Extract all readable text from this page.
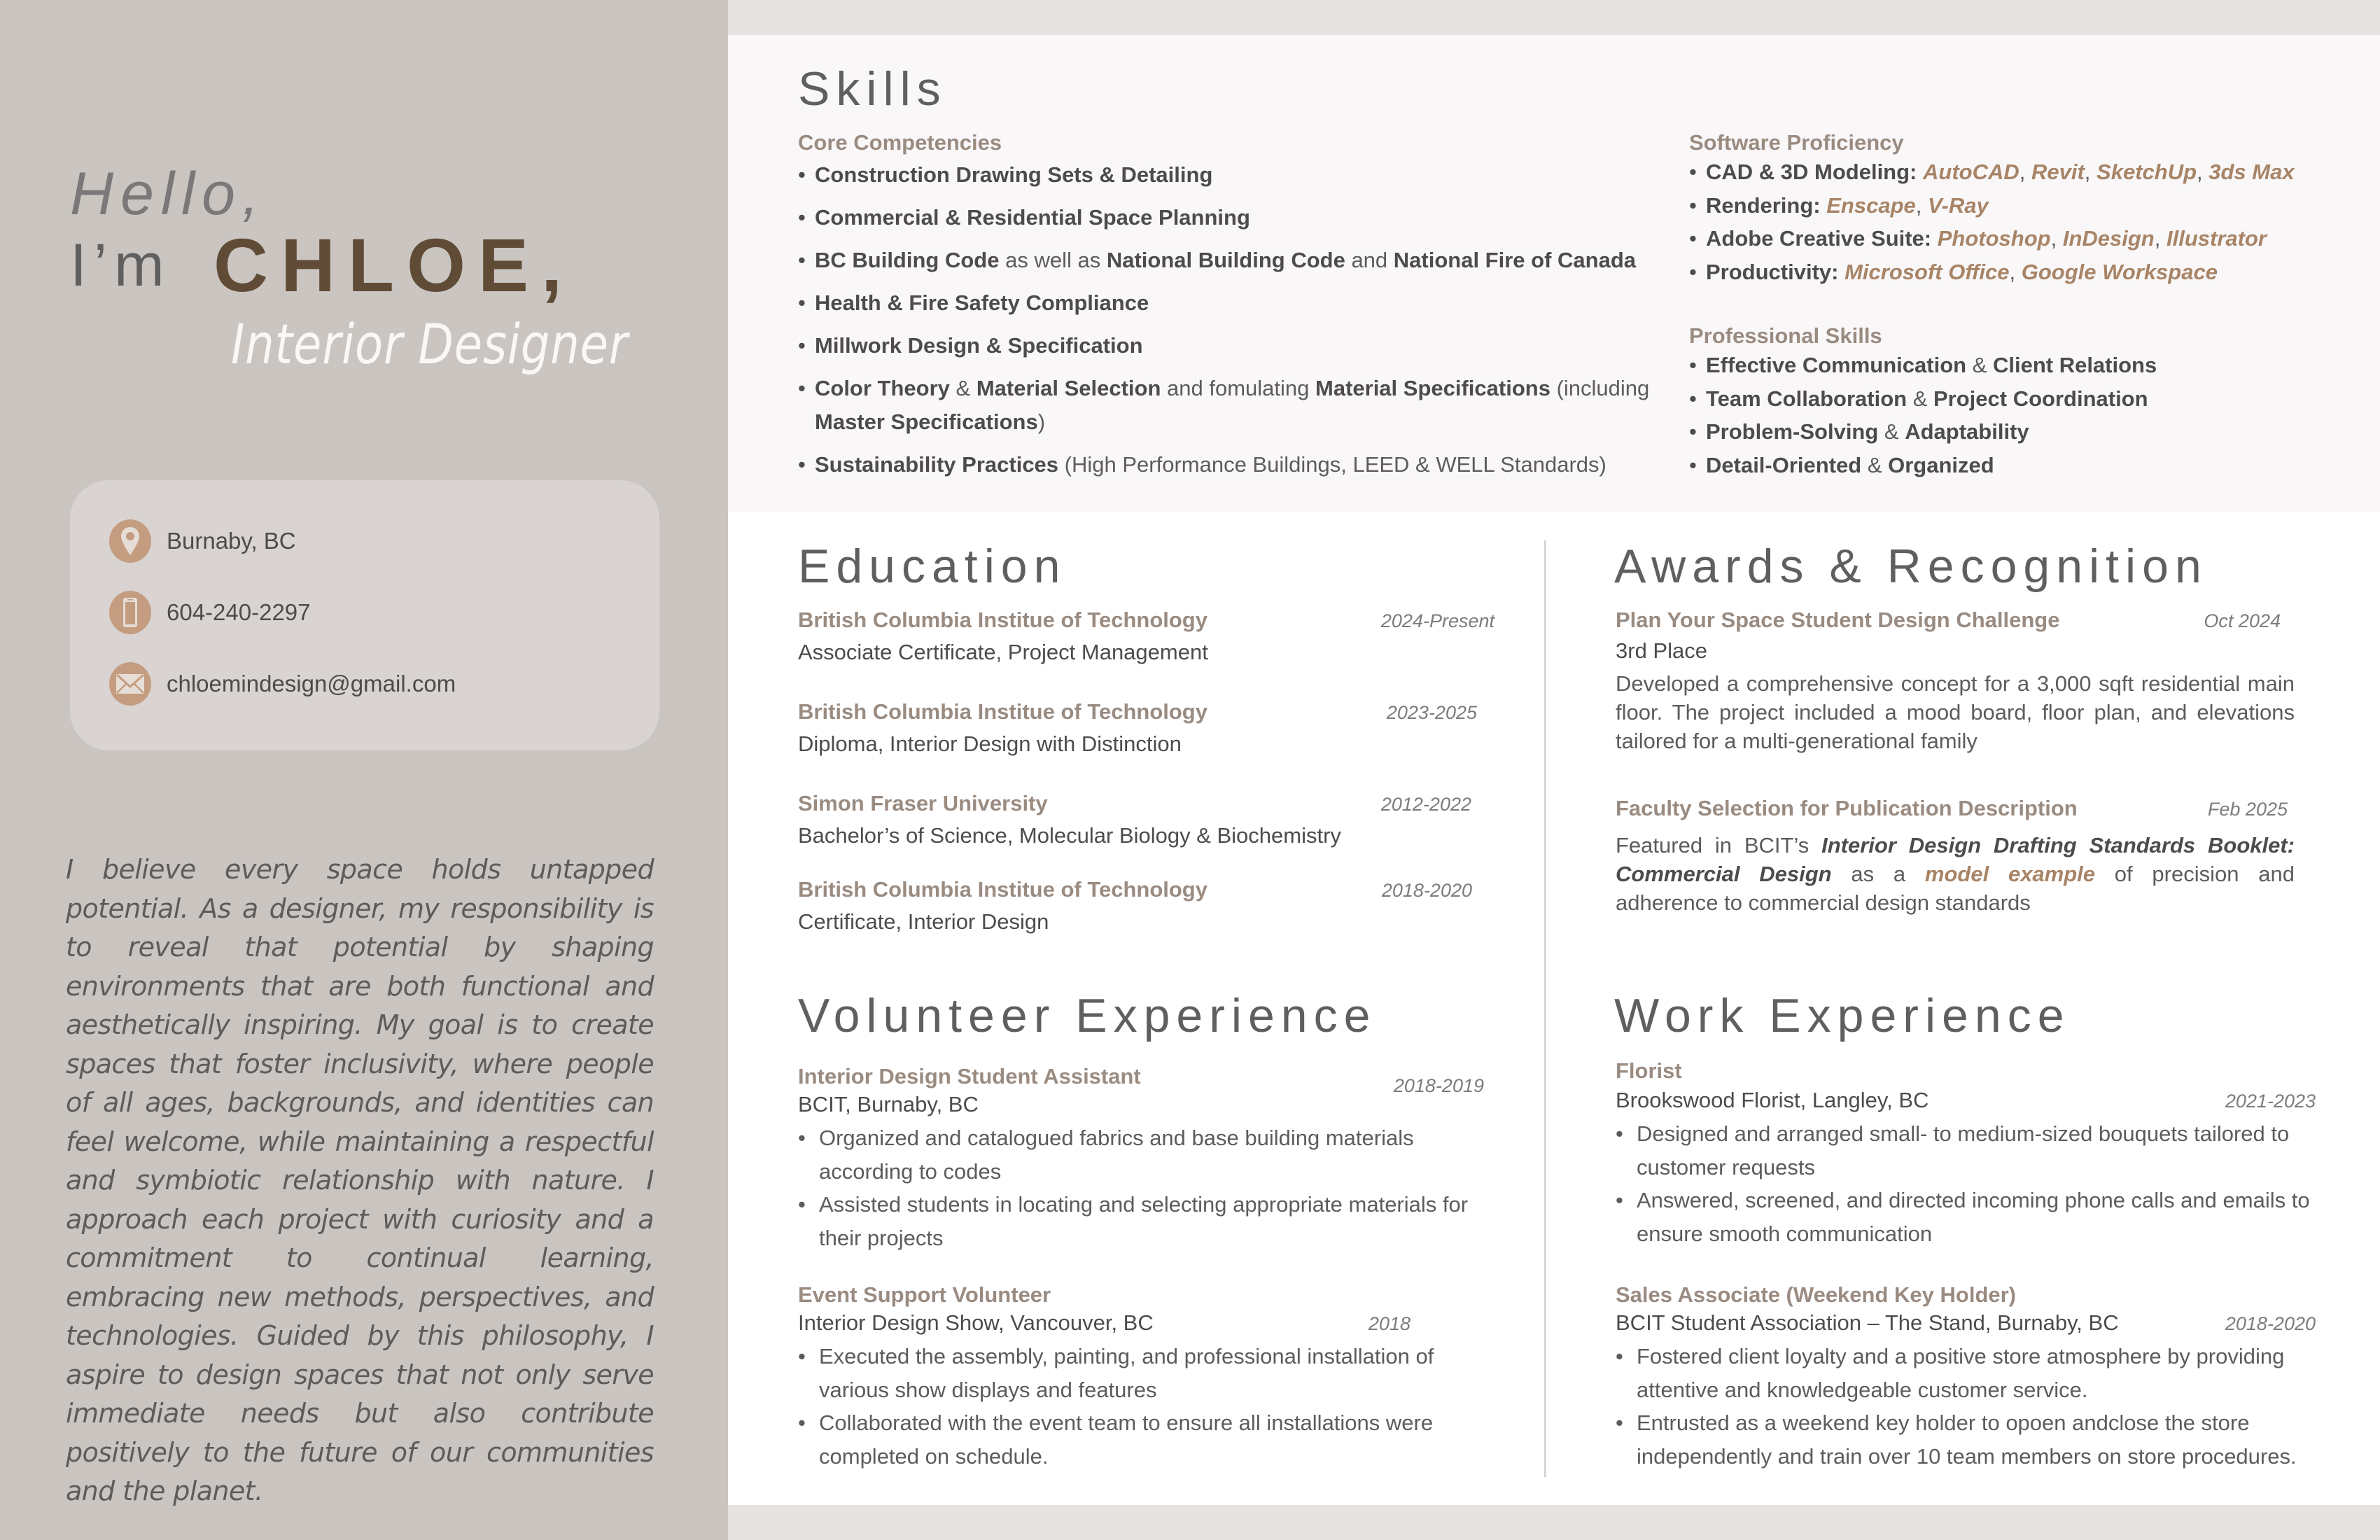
Hello,
I’m CHLOE,
Interior Designer
Burnaby, BC
604-240-2297
chloemindesign@gmail.com

I believe every space holds untapped potential. As a designer, my responsibility is to reveal that potential by shaping environments that are both functional and aesthetically inspiring. My goal is to create spaces that foster inclusivity, where people of all ages, backgrounds, and identities can feel welcome, while maintaining a respectful and symbiotic relationship with nature. I approach each project with curiosity and a commitment to continual learning, embracing new methods, perspectives, and technologies. Guided by this philosophy, I aspire to design spaces that not only serve immediate needs but also contribute positively to the future of our communities and the planet.

Skills
Core Competencies
• Construction Drawing Sets & Detailing
• Commercial & Residential Space Planning
• BC Building Code as well as National Building Code and National Fire of Canada
• Health & Fire Safety Compliance
• Millwork Design & Specification
• Color Theory & Material Selection and fomulating Material Specifications (including Master Specifications)
• Sustainability Practices (High Performance Buildings, LEED & WELL Standards)
Software Proficiency
• CAD & 3D Modeling: AutoCAD, Revit, SketchUp, 3ds Max
• Rendering: Enscape, V-Ray
• Adobe Creative Suite: Photoshop, InDesign, Illustrator
• Productivity: Microsoft Office, Google Workspace
Professional Skills
• Effective Communication & Client Relations
• Team Collaboration & Project Coordination
• Problem-Solving & Adaptability
• Detail-Oriented & Organized
Education
British Columbia Institue of Technology	2024-Present
Associate Certificate, Project Management
British Columbia Institue of Technology	2023-2025
Diploma, Interior Design with Distinction
Simon Fraser University	2012-2022
Bachelor’s of Science, Molecular Biology & Biochemistry
British Columbia Institue of Technology	2018-2020
Certificate, Interior Design
Awards & Recognition
Plan Your Space Student Design Challenge	Oct 2024
3rd Place

Developed a comprehensive concept for a 3,000 sqft residential main floor. The project included a mood board, floor plan, and elevations tailored for a multi-generational family

Faculty Selection for Publication Description	Feb 2025

Featured in BCIT’s Interior Design Drafting Standards Booklet: Commercial Design as a model example of precision and adherence to commercial design standards

Volunteer Experience
Interior Design Student Assistant	2018-2019
BCIT, Burnaby, BC
• Organized and catalogued fabrics and base building materials according to codes
• Assisted students in locating and selecting appropriate materials for their projects
Event Support Volunteer
Interior Design Show, Vancouver, BC	2018
• Executed the assembly, painting, and professional installation of various show displays and features
• Collaborated with the event team to ensure all installations were completed on schedule.
Work Experience
Florist
Brookswood Florist, Langley, BC	2021-2023
• Designed and arranged small- to medium-sized bouquets tailored to customer requests
• Answered, screened, and directed incoming phone calls and emails to ensure smooth communication
Sales Associate (Weekend Key Holder)
BCIT Student Association – The Stand, Burnaby, BC	2018-2020
• Fostered client loyalty and a positive store atmosphere by providing attentive and knowledgeable customer service.
• Entrusted as a weekend key holder to opoen andclose the store independently and train over 10 team members on store procedures.
